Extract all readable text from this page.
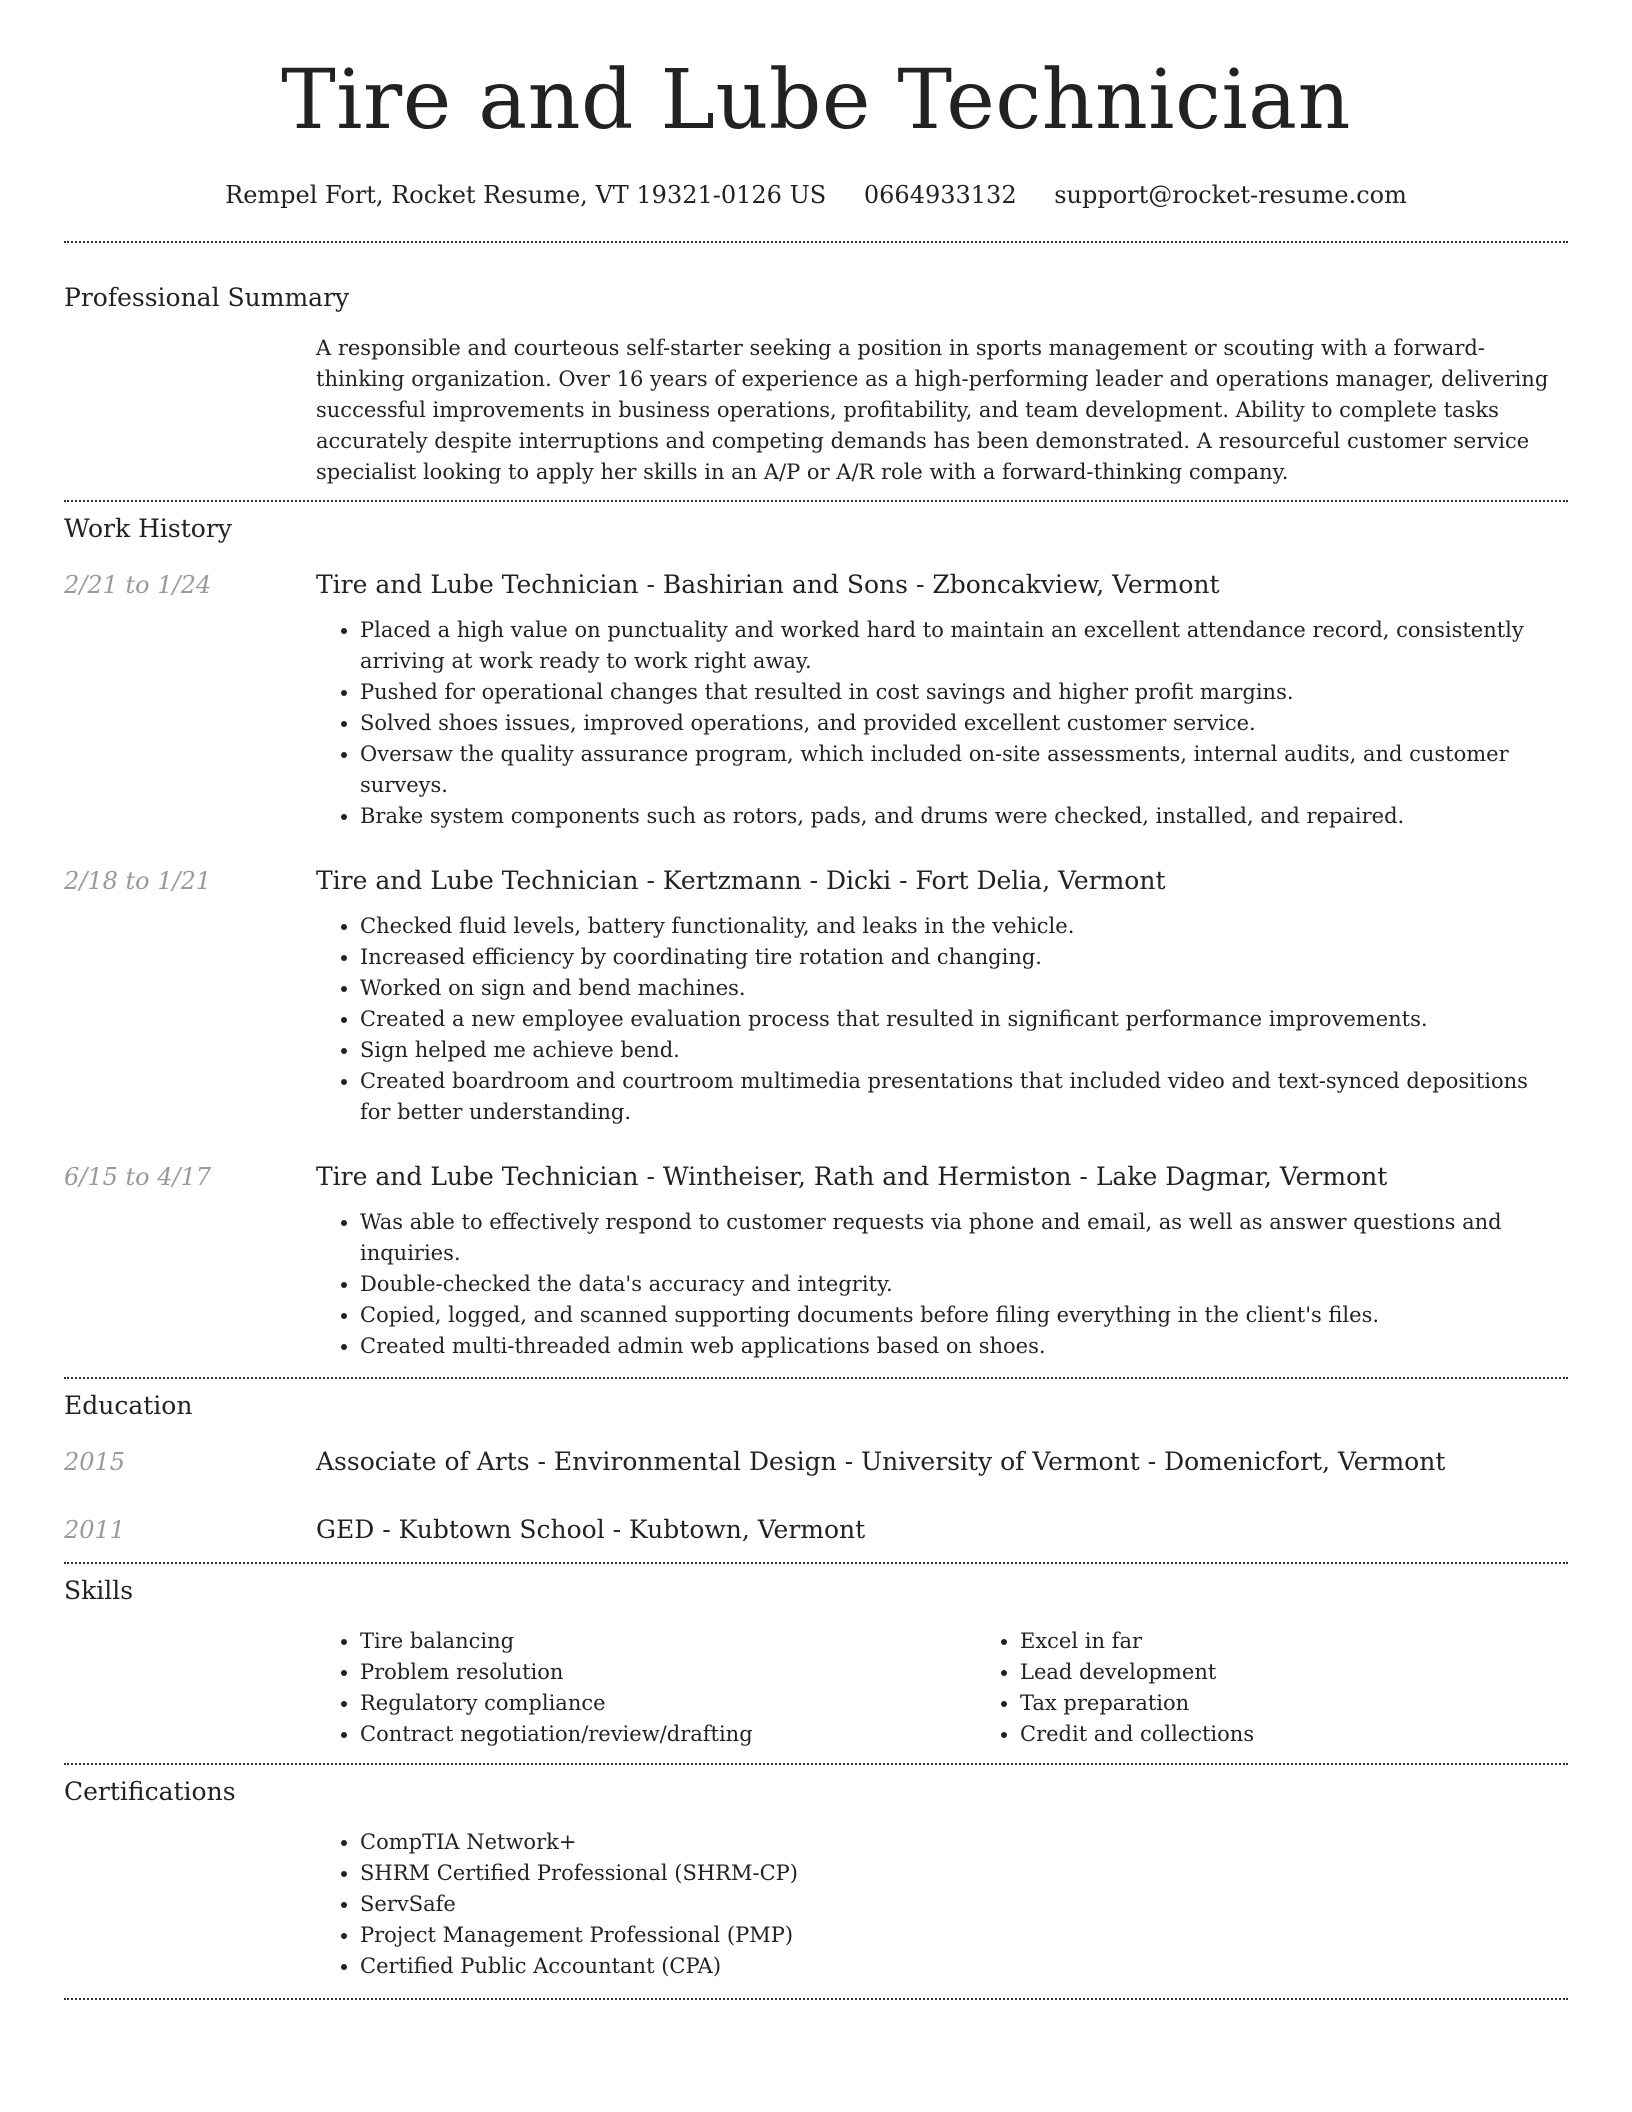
Tire and Lube Technician
Rempel Fort, Rocket Resume, VT 19321-0126 US 0664933132 support@rocket-resume.com
Professional Summary
A responsible and courteous self-starter seeking a position in sports management or scouting with a forward-thinking organization. Over 16 years of experience as a high-performing leader and operations manager, delivering successful improvements in business operations, profitability, and team development. Ability to complete tasks accurately despite interruptions and competing demands has been demonstrated. A resourceful customer service specialist looking to apply her skills in an A/P or A/R role with a forward-thinking company.
Work History
2/21 to 1/24	Tire and Lube Technician - Bashirian and Sons - Zboncakview, Vermont
• Placed a high value on punctuality and worked hard to maintain an excellent attendance record, consistently arriving at work ready to work right away.
• Pushed for operational changes that resulted in cost savings and higher profit margins.
• Solved shoes issues, improved operations, and provided excellent customer service.
• Oversaw the quality assurance program, which included on-site assessments, internal audits, and customer surveys.
• Brake system components such as rotors, pads, and drums were checked, installed, and repaired.
2/18 to 1/21	Tire and Lube Technician - Kertzmann - Dicki - Fort Delia, Vermont
• Checked fluid levels, battery functionality, and leaks in the vehicle.
• Increased efficiency by coordinating tire rotation and changing.
• Worked on sign and bend machines.
• Created a new employee evaluation process that resulted in significant performance improvements.
• Sign helped me achieve bend.
• Created boardroom and courtroom multimedia presentations that included video and text-synced depositions for better understanding.
6/15 to 4/17	Tire and Lube Technician - Wintheiser, Rath and Hermiston - Lake Dagmar, Vermont
• Was able to effectively respond to customer requests via phone and email, as well as answer questions and inquiries.
• Double-checked the data's accuracy and integrity.
• Copied, logged, and scanned supporting documents before filing everything in the client's files.
• Created multi-threaded admin web applications based on shoes.
Education
2015	Associate of Arts - Environmental Design - University of Vermont - Domenicfort, Vermont
2011	GED - Kubtown School - Kubtown, Vermont
Skills
• Tire balancing
• Problem resolution
• Regulatory compliance
• Contract negotiation/review/drafting
• Excel in far
• Lead development
• Tax preparation
• Credit and collections
Certifications
• CompTIA Network+
• SHRM Certified Professional (SHRM-CP)
• ServSafe
• Project Management Professional (PMP)
• Certified Public Accountant (CPA)
